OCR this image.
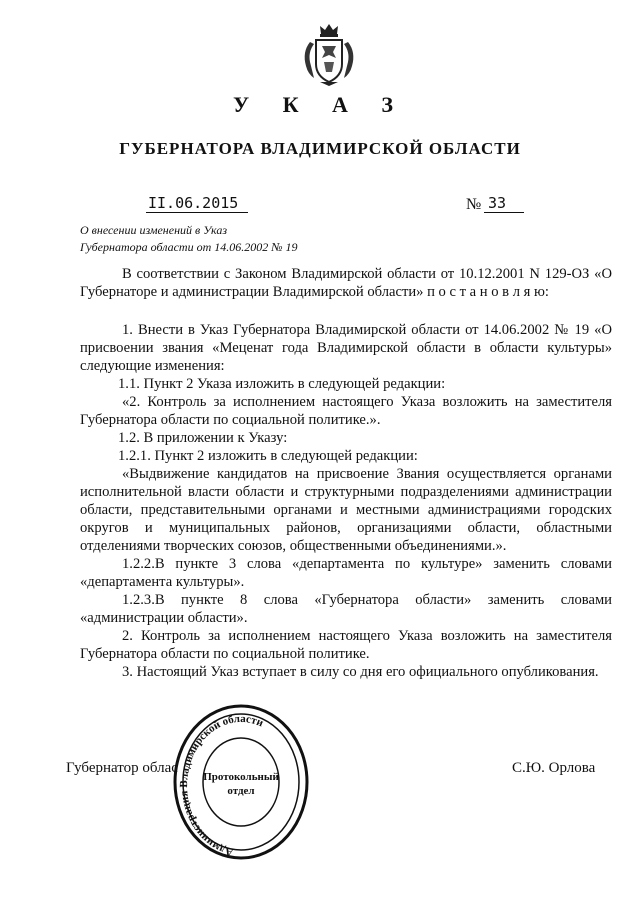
У К А З
ГУБЕРНАТОРА ВЛАДИМИРСКОЙ ОБЛАСТИ
II.06.2015	№ 33
О внесении изменений в Указ
Губернатора области от 14.06.2002 № 19

В соответствии с Законом Владимирской области от 10.12.2001 N 129-ОЗ «О Губернаторе и администрации Владимирской области» п о с т а н о в л я ю:

1. Внести в Указ Губернатора Владимирской области от 14.06.2002 № 19 «О присвоении звания «Меценат года Владимирской области в области культуры» следующие изменения:

1.1. Пункт 2 Указа изложить в следующей редакции:

«2. Контроль за исполнением настоящего Указа возложить на заместителя Губернатора области по социальной политике.».

1.2. В приложении к Указу:

1.2.1. Пункт 2 изложить в следующей редакции:

«Выдвижение кандидатов на присвоение Звания осуществляется органами исполнительной власти области и структурными подразделениями администрации области, представительными органами и местными администрациями городских округов и муниципальных районов, организациями области, областными отделениями творческих союзов, общественными объединениями.».

1.2.2.В пункте 3 слова «департамента по культуре» заменить словами «департамента культуры».

1.2.3.В пункте 8 слова «Губернатора области» заменить словами «администрации области».

2. Контроль за исполнением настоящего Указа возложить на заместителя Губернатора области по социальной политике.

3. Настоящий Указ вступает в силу со дня его официального опубликования.

Губернатор облас	С.Ю. Орлова
Администрация Владимирской области
Протокольный
отдел
